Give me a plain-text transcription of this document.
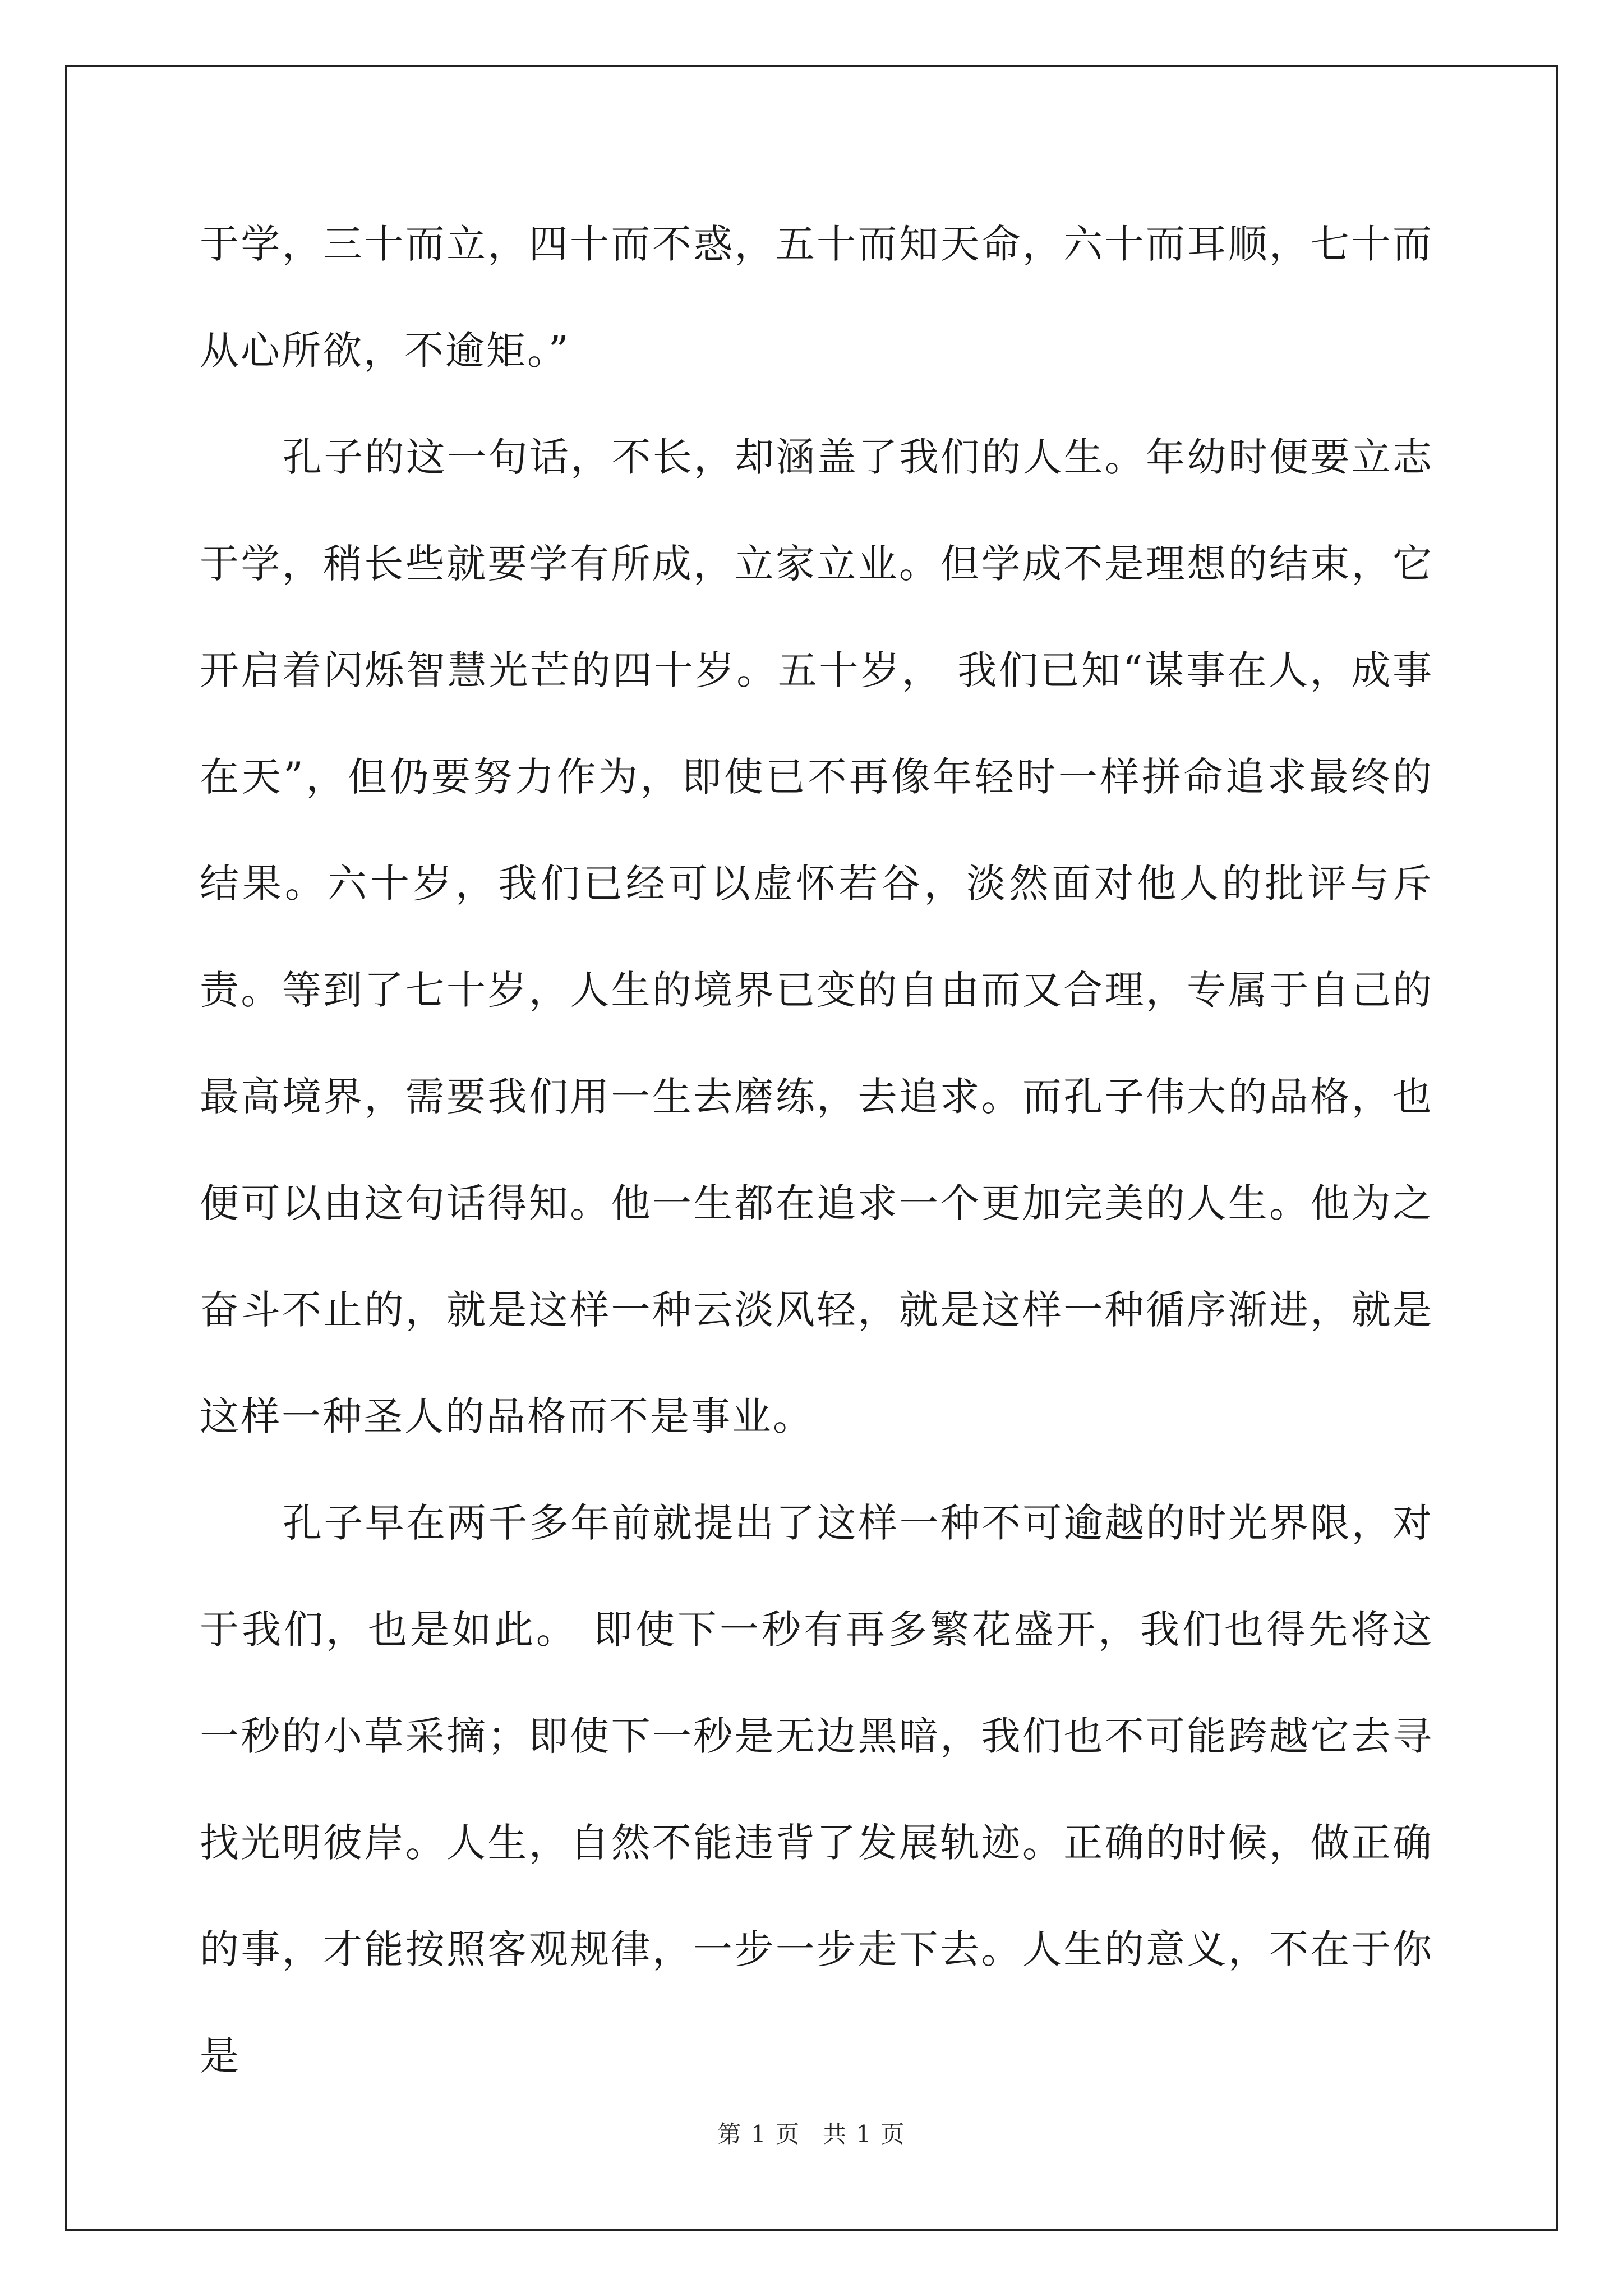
于学，三十而立，四十而不惑，五十而知天命，六十而耳顺，七十而从心所欲，不逾矩。”

孔子的这一句话，不长，却涵盖了我们的人生。年幼时便要立志于学，稍长些就要学有所成，立家立业。但学成不是理想的结束，它开启着闪烁智慧光芒的四十岁。五十岁， 我们已知“谋事在人，成事在天”，但仍要努力作为，即使已不再像年轻时一样拼命追求最终的结果。六十岁，我们已经可以虚怀若谷，淡然面对他人的批评与斥责。等到了七十岁，人生的境界已变的自由而又合理，专属于自己的最高境界，需要我们用一生去磨练，去追求。而孔子伟大的品格，也便可以由这句话得知。他一生都在追求一个更加完美的人生。他为之奋斗不止的，就是这样一种云淡风轻，就是这样一种循序渐进，就是这样一种圣人的品格而不是事业。

孔子早在两千多年前就提出了这样一种不可逾越的时光界限，对于我们，也是如此。 即使下一秒有再多繁花盛开，我们也得先将这一秒的小草采摘；即使下一秒是无边黑暗，我们也不可能跨越它去寻找光明彼岸。人生，自然不能违背了发展轨迹。正确的时候，做正确的事，才能按照客观规律，一步一步走下去。人生的意义，不在于你是

第 1 页 共 1 页
